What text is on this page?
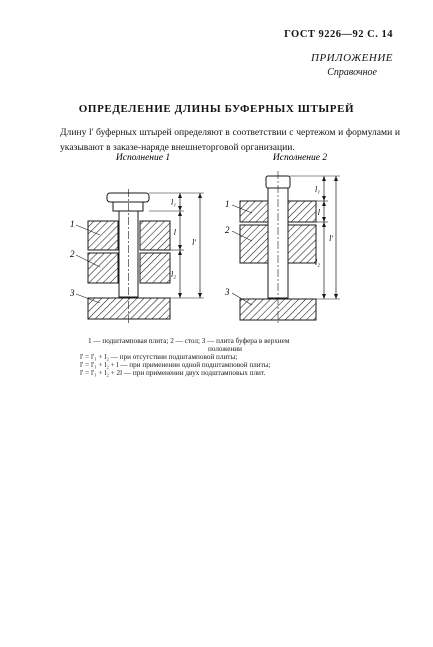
ГОСТ 9226—92 С. 14
ПРИЛОЖЕНИЕ
Справочное
ОПРЕДЕЛЕНИЕ ДЛИНЫ БУФЕРНЫХ ШТЫРЕЙ

Длину l' буферных штырей определяют в соответствии с чертежом и формулами и указывают в заказе-наряде внешнеторговой организации.

Исполнение 1
l₁
l
l₂
l'
1
2
3
Исполнение 2
l₁
l
l₂
l'
1
2
3
1 — подштамповая плита; 2 — стол; 3 — плита буфера в верхнем
положении
l' = l'₁ + l₂ — при отсутствии подштамповой плиты;
l' = l'₁ + l₂ + l — при применении одной подштамповой плиты;
l' = l'₁ + l₂ + 2l — при применении двух подштамповых плит.
